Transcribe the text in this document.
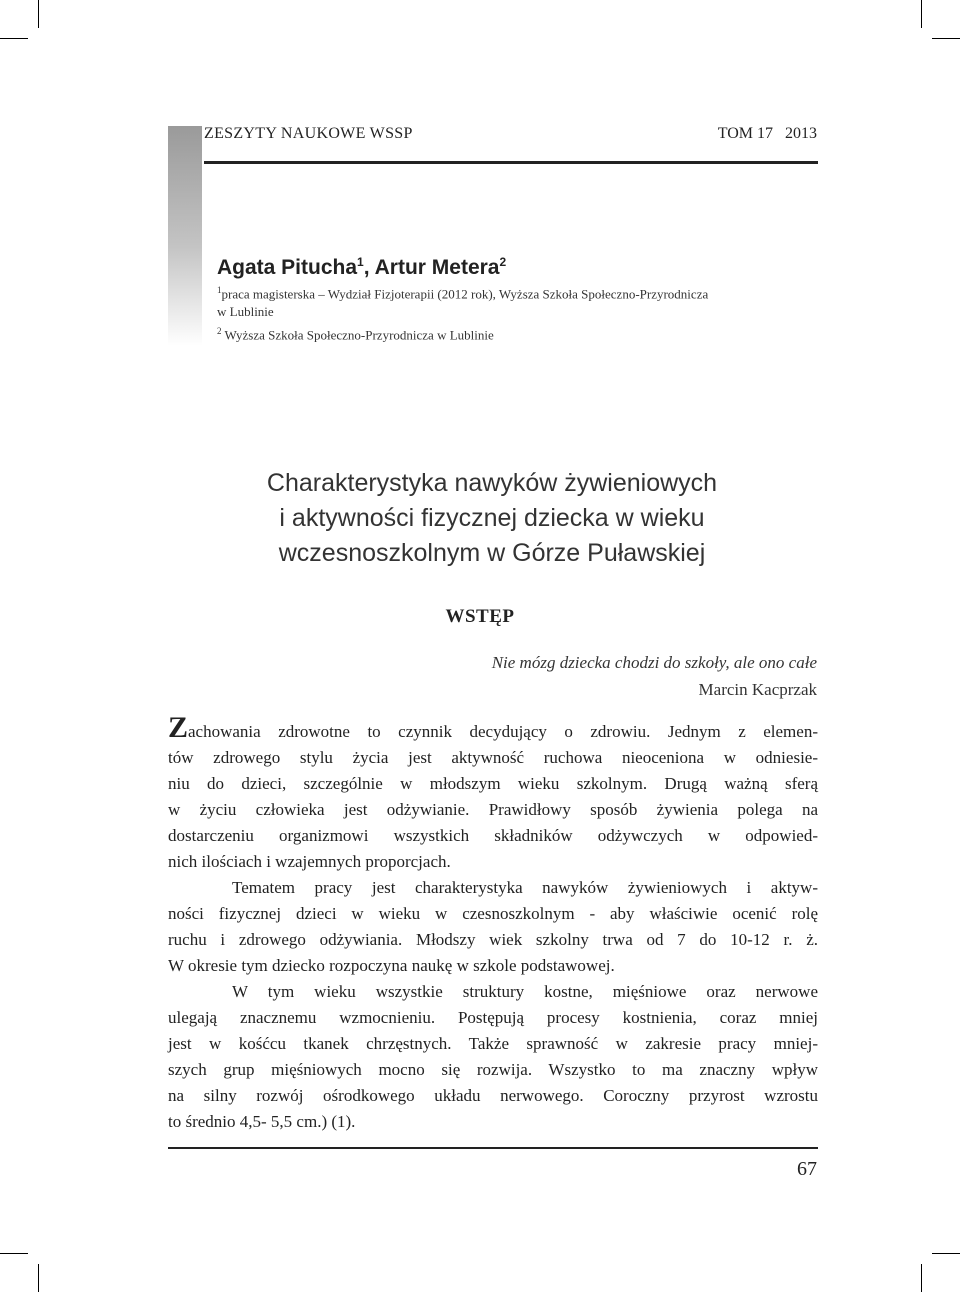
ZESZYTY NAUKOWE WSSP	TOM 17   2013
Agata Pitucha$^1$, Artur Metera$^2$
$^1$praca magisterska – Wydział Fizjoterapii (2012 rok), Wyższa Szkoła Społeczno-Przyrodnicza
w Lublinie
$^2$ Wyższa Szkoła Społeczno-Przyrodnicza w Lublinie
Charakterystyka nawyków żywieniowych
i aktywności fizycznej dziecka w wieku
wczesnoszkolnym w Górze Puławskiej
WSTĘP
Nie mózg dziecka chodzi do szkoły, ale ono całe
Marcin Kacprzak
Zachowania zdrowotne to czynnik decydujący o zdrowiu. Jednym z elemen-
tów zdrowego stylu życia jest aktywność ruchowa nieoceniona w odniesie-
niu do dzieci, szczególnie w młodszym wieku szkolnym. Drugą ważną sferą
w życiu człowieka jest odżywianie. Prawidłowy sposób żywienia polega na
dostarczeniu organizmowi wszystkich składników odżywczych w odpowied-
nich ilościach i wzajemnych proporcjach.
Tematem pracy jest charakterystyka nawyków żywieniowych i aktyw-
ności fizycznej dzieci w wieku w czesnoszkolnym - aby właściwie ocenić rolę
ruchu i zdrowego odżywiania. Młodszy wiek szkolny trwa od 7 do 10-12 r. ż.
W okresie tym dziecko rozpoczyna naukę w szkole podstawowej.
W tym wieku wszystkie struktury kostne, mięśniowe oraz nerwowe
ulegają znacznemu wzmocnieniu. Postępują procesy kostnienia, coraz mniej
jest w kośćcu tkanek chrzęstnych. Także sprawność w zakresie pracy mniej-
szych grup mięśniowych mocno się rozwija. Wszystko to ma znaczny wpływ
na silny rozwój ośrodkowego układu nerwowego. Coroczny przyrost wzrostu
to średnio 4,5- 5,5 cm.) (1).
67
